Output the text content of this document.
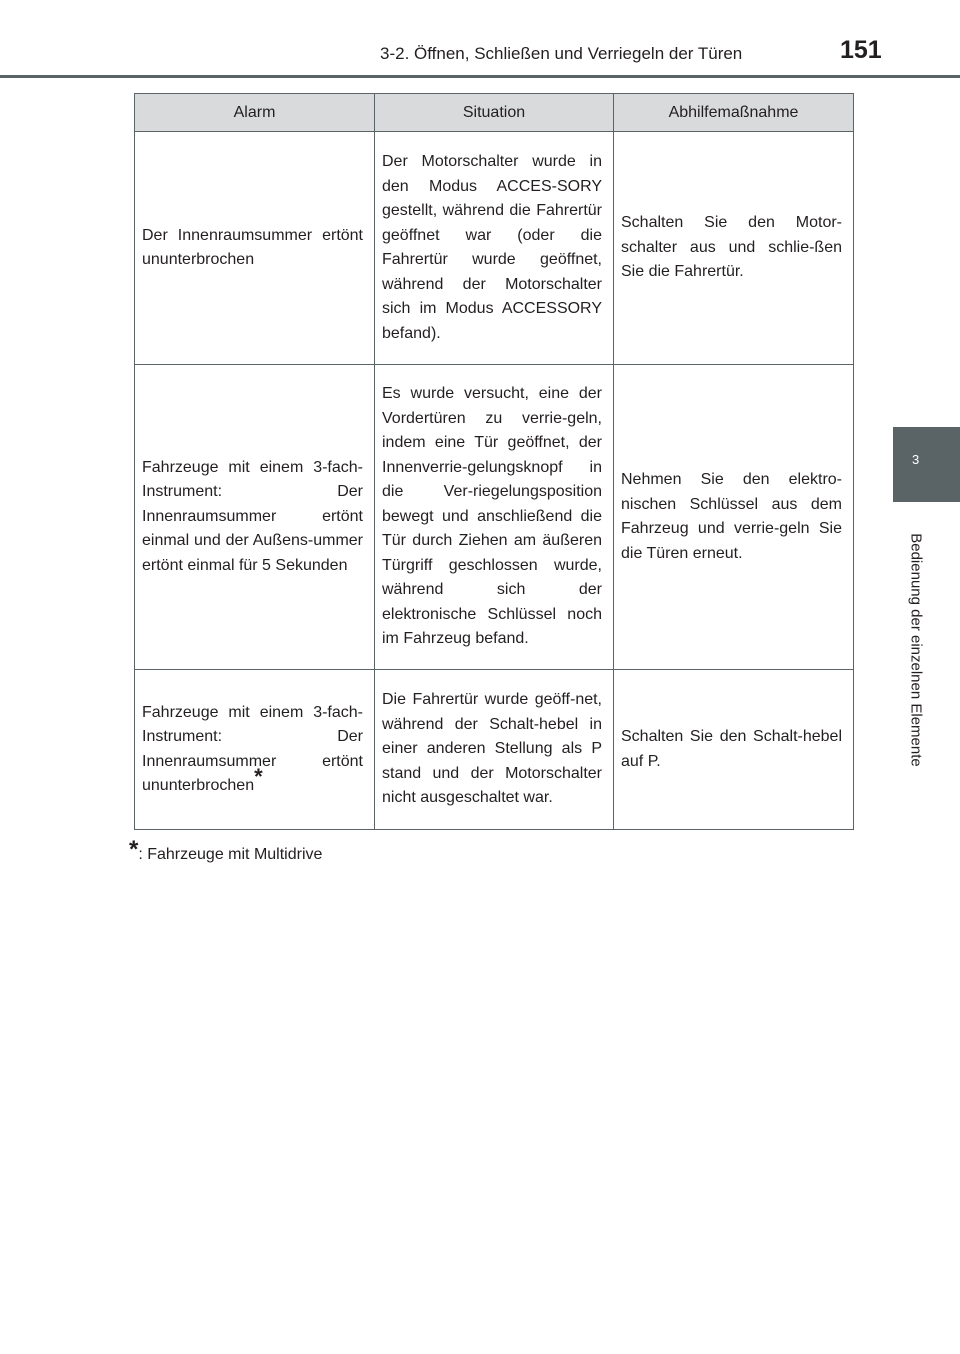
3-2. Öffnen, Schließen und Verriegeln der Türen	151
3
Bedienung der einzelnen Elemente
Alarm	Situation	Abhilfemaßnahme
Der Innenraumsummer ertönt ununterbrochen	Der Motorschalter wurde in den Modus ACCES-SORY gestellt, während die Fahrertür geöffnet war (oder die Fahrertür wurde geöffnet, während der Motorschalter sich im Modus ACCESSORY befand).	Schalten Sie den Motor-schalter aus und schlie-ßen Sie die Fahrertür.
Fahrzeuge mit einem 3-fach-Instrument: Der Innenraumsummer ertönt einmal und der Außens-ummer ertönt einmal für 5 Sekunden	Es wurde versucht, eine der Vordertüren zu verrie-geln, indem eine Tür geöffnet, der Innenverrie-gelungsknopf in die Ver-riegelungsposition bewegt und anschließend die Tür durch Ziehen am äußeren Türgriff geschlossen wurde, während sich der elektronische Schlüssel noch im Fahrzeug befand.	Nehmen Sie den elektro-nischen Schlüssel aus dem Fahrzeug und verrie-geln Sie die Türen erneut.
Fahrzeuge mit einem 3-fach-Instrument: Der Innenraumsummer ertönt ununterbrochen*	Die Fahrertür wurde geöff-net, während der Schalt-hebel in einer anderen Stellung als P stand und der Motorschalter nicht ausgeschaltet war.	Schalten Sie den Schalt-hebel auf P.
*: Fahrzeuge mit Multidrive
